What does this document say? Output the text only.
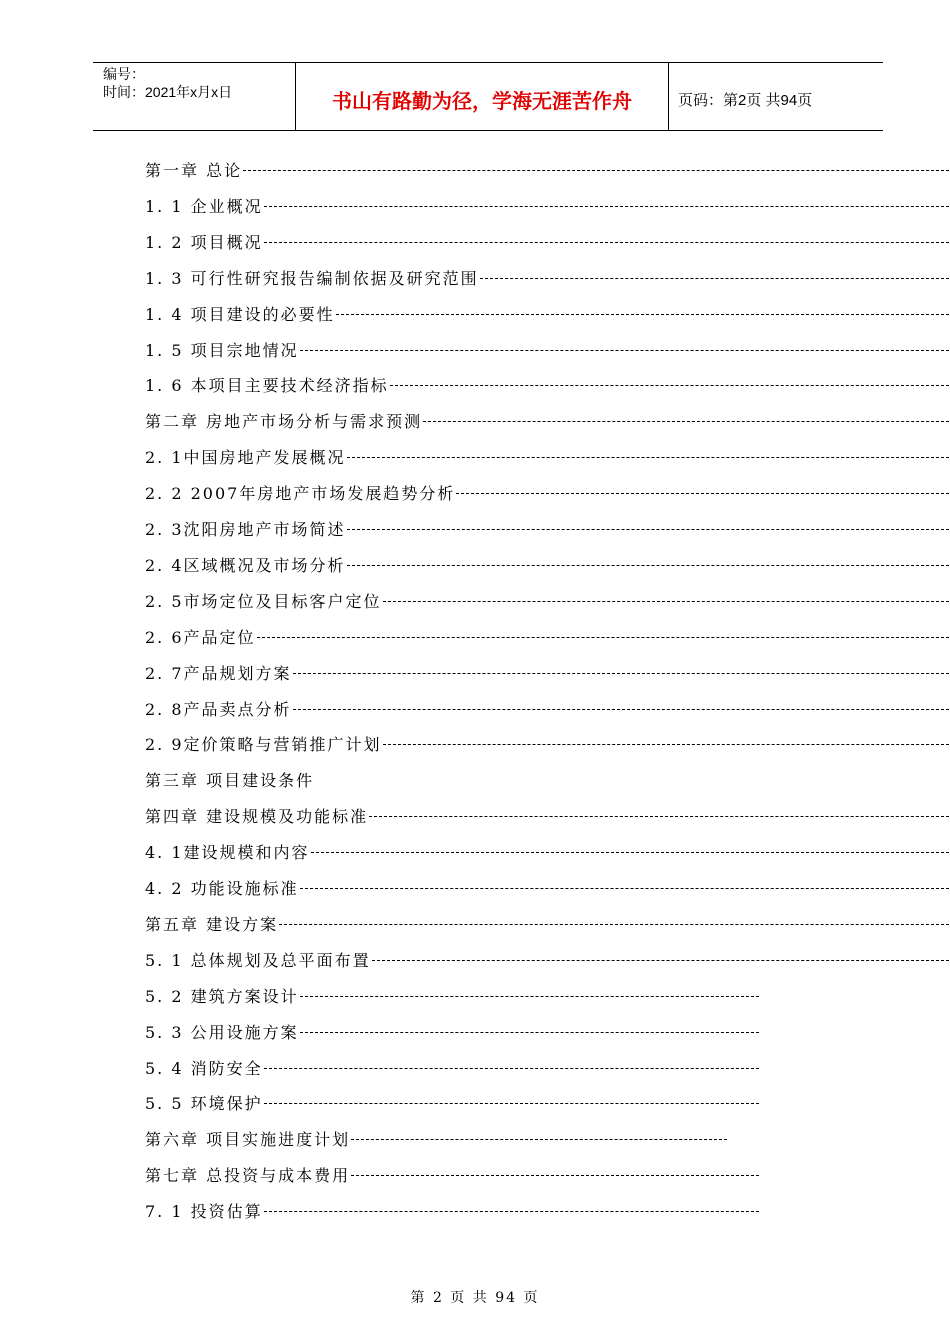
编号：
时间：2021年x月x日	书山有路勤为径，学海无涯苦作舟	页码：第2页 共94页
第一章 总论
1. 1 企业概况
1. 2 项目概况
1. 3 可行性研究报告编制依据及研究范围
1. 4 项目建设的必要性
1. 5 项目宗地情况
1. 6 本项目主要技术经济指标
第二章 房地产市场分析与需求预测
2. 1中国房地产发展概况
2. 2 2007年房地产市场发展趋势分析
2. 3沈阳房地产市场简述
2. 4区域概况及市场分析
2. 5市场定位及目标客户定位
2. 6产品定位
2. 7产品规划方案
2. 8产品卖点分析
2. 9定价策略与营销推广计划
第三章 项目建设条件
第四章 建设规模及功能标准
4. 1建设规模和内容
4. 2 功能设施标准
第五章 建设方案
5. 1 总体规划及总平面布置
5. 2 建筑方案设计
5. 3 公用设施方案
5. 4 消防安全
5. 5 环境保护
第六章 项目实施进度计划
第七章 总投资与成本费用
7. 1 投资估算
第 2 页 共 94 页
